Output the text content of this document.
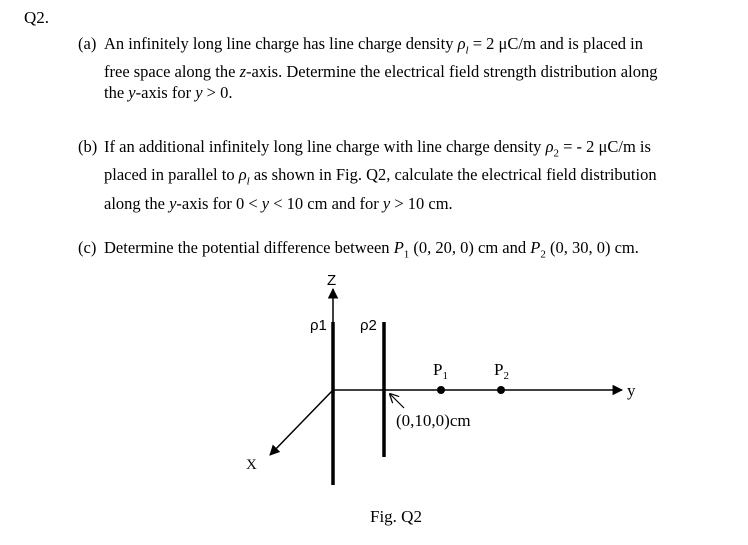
Q2.
(a) An infinitely long line charge has line charge density $\rho_l = 2$ μC/m and is placed in
free space along the z-axis. Determine the electrical field strength distribution along
the y-axis for y > 0.
(b) If an additional infinitely long line charge with line charge density $\rho_2$ = - 2 μC/m is
placed in parallel to $\rho_l$ as shown in Fig. Q2, calculate the electrical field distribution
along the y-axis for 0 < y < 10 cm and for y > 10 cm.
(c) Determine the potential difference between $P_1$ (0, 20, 0) cm and $P_2$ (0, 30, 0) cm.
Z
X
y
ρ1 ρ2
$P_1$	$P_2$
(0,10,0)cm
Fig. Q2
